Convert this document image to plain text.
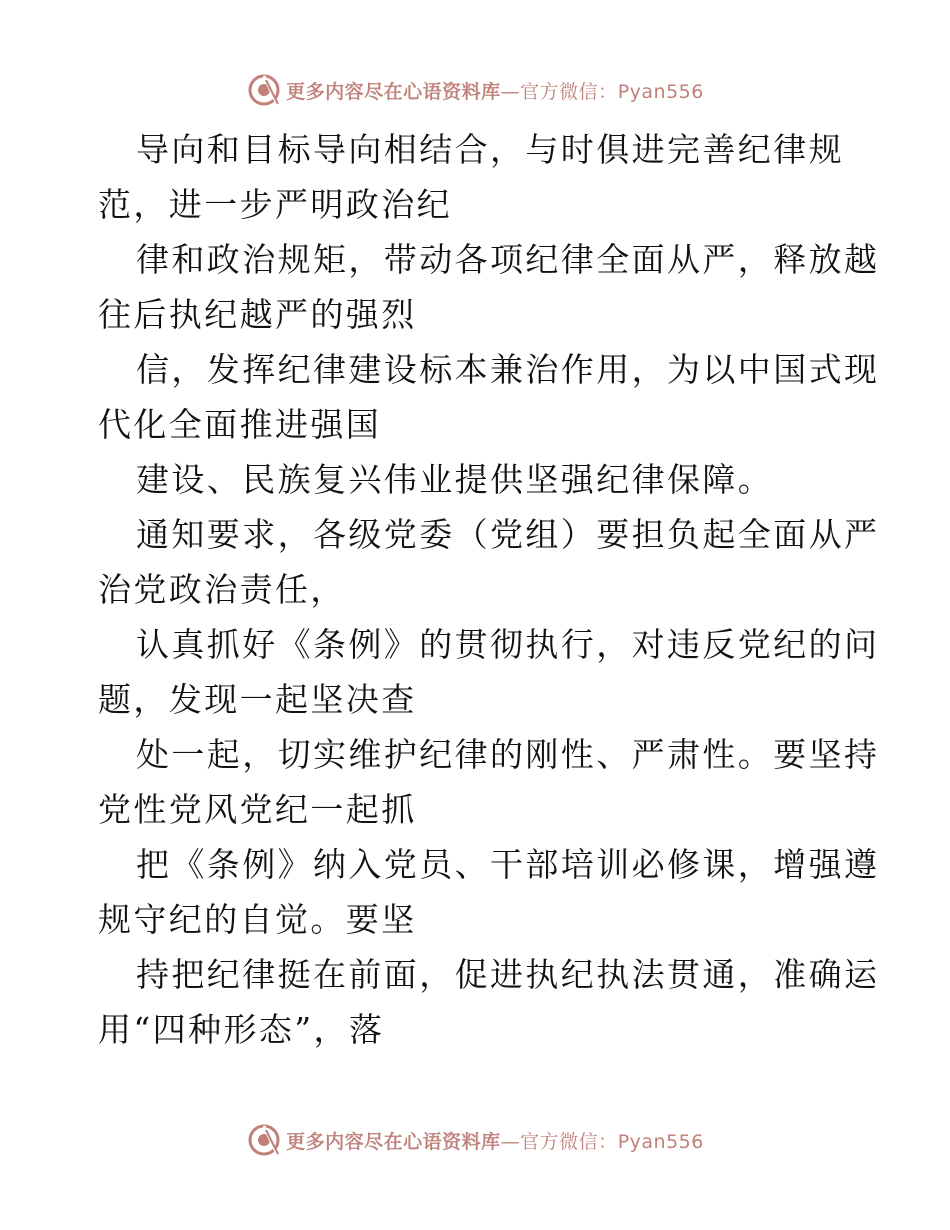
更多内容尽在心语资料库—官方微信：Pyan556
导向和目标导向相结合，与时俱进完善纪律规
范，进一步严明政治纪
律和政治规矩，带动各项纪律全面从严，释放越
往后执纪越严的强烈
信，发挥纪律建设标本兼治作用，为以中国式现
代化全面推进强国
建设、民族复兴伟业提供坚强纪律保障。
通知要求，各级党委（党组）要担负起全面从严
治党政治责任，
认真抓好《条例》的贯彻执行，对违反党纪的问
题，发现一起坚决查
处一起，切实维护纪律的刚性、严肃性。要坚持
党性党风党纪一起抓
把《条例》纳入党员、干部培训必修课，增强遵
规守纪的自觉。要坚
持把纪律挺在前面，促进执纪执法贯通，准确运
用“四种形态”，落
更多内容尽在心语资料库—官方微信：Pyan556
